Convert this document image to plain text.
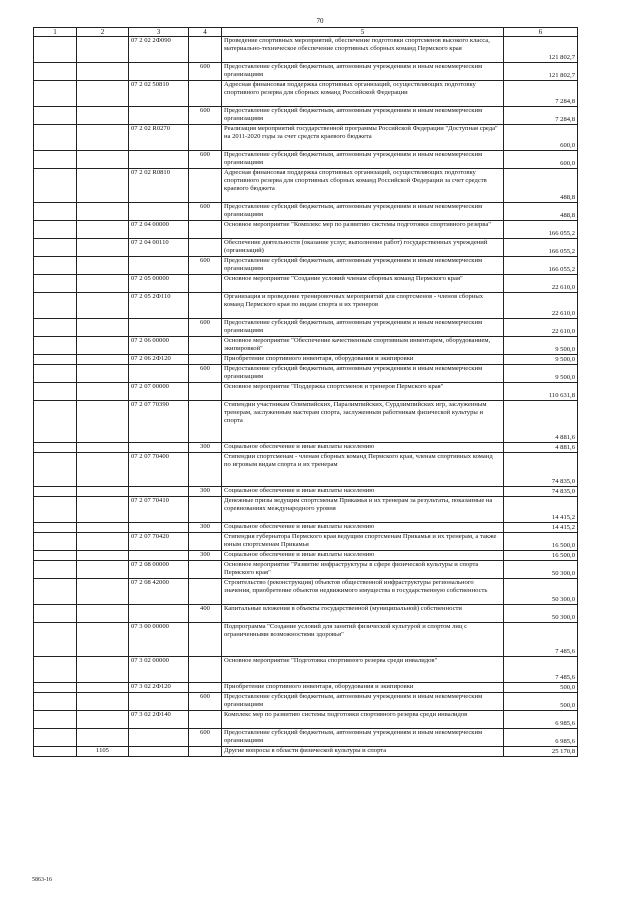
70
1	2	3	4	5	6
		07 2 02 2Ф090		Проведение спортивных мероприятий, обеспечение подготовки спортсменов высокого класса, материально-техническое обеспечение спортивных сборных команд Пермского края	121 802,7
			600	Предоставление субсидий бюджетным, автономным учреждениям и иным некоммерческим организациям	121 802,7
		07 2 02 50810		Адресная финансовая поддержка спортивных организаций, осуществляющих подготовку спортивного резерва для сборных команд Российской Федерации	7 284,8
			600	Предоставление субсидий бюджетным, автономным учреждениям и иным некоммерческим организациям	7 284,8
		07 2 02 R0270		Реализация мероприятий государственной программы Российской Федерации "Доступная среда" на 2011-2020 годы за счет средств краевого бюджета	600,0
			600	Предоставление субсидий бюджетным, автономным учреждениям и иным некоммерческим организациям	600,0
		07 2 02 R0810		Адресная финансовая поддержка спортивных организаций, осуществляющих подготовку спортивного резерва для спортивных сборных команд Российской Федерации за счет средств краевого бюджета	488,8
			600	Предоставление субсидий бюджетным, автономным учреждениям и иным некоммерческим организациям	488,8
		07 2 04 00000		Основное мероприятие "Комплекс мер по развитию системы подготовки спортивного резерва"	166 055,2
		07 2 04 00110		Обеспечение деятельности (оказание услуг, выполнение работ) государственных учреждений (организаций)	166 055,2
			600	Предоставление субсидий бюджетным, автономным учреждениям и иным некоммерческим организациям	166 055,2
		07 2 05 00000		Основное мероприятие "Создание условий членам сборных команд Пермского края"	22 610,0
		07 2 05 2Ф110		Организация и проведение тренировочных мероприятий для спортсменов - членов сборных команд Пермского края по видам спорта и их тренеров	22 610,0
			600	Предоставление субсидий бюджетным, автономным учреждениям и иным некоммерческим организациям	22 610,0
		07 2 06 00000		Основное мероприятие "Обеспечение качественным спортивным инвентарем, оборудованием, экипировкой"	9 500,0
		07 2 06 2Ф120		Приобретение спортивного инвентаря, оборудования и экипировки	9 500,0
			600	Предоставление субсидий бюджетным, автономным учреждениям и иным некоммерческим организациям	9 500,0
		07 2 07 00000		Основное мероприятие "Поддержка спортсменов и тренеров Пермского края"	110 631,8
		07 2 07 70390		Стипендии участникам Олимпийских, Паралимпийских, Сурдлимпийских игр, заслуженным тренерам, заслуженным мастерам спорта, заслуженным работникам физической культуры и спорта	4 881,6
			300	Социальное обеспечение и иные выплаты населению	4 881,6
		07 2 07 70400		Стипендии спортсменам - членам сборных команд Пермского края, членам спортивных команд по игровым видам спорта и их тренерам	74 835,0
			300	Социальное обеспечение и иные выплаты населению	74 835,0
		07 2 07 70410		Денежные призы ведущим спортсменам Прикамья и их тренерам за результаты, показанные на соревнованиях международного уровня	14 415,2
			300	Социальное обеспечение и иные выплаты населению	14 415,2
		07 2 07 70420		Стипендия губернатора Пермского края ведущим спортсменам Прикамья и их тренерам, а также юным спортсменам Прикамья	16 500,0
			300	Социальное обеспечение и иные выплаты населению	16 500,0
		07 2 08 00000		Основное мероприятие "Развитие инфраструктуры в сфере физической культуры и спорта Пермского края"	50 300,0
		07 2 08 42000		Строительство (реконструкция) объектов общественной инфраструктуры регионального значения, приобретение объектов недвижимого имущества в государственную собственность	50 300,0
			400	Капитальные вложения в объекты государственной (муниципальной) собственности	50 300,0
		07 3 00 00000		Подпрограмма "Создание условий для занятий физической культурой и спортом лиц с ограниченными возможностями здоровья"	7 485,6
		07 3 02 00000		Основное мероприятие "Подготовка спортивного резерва среди инвалидов"	7 485,6
		07 3 02 2Ф120		Приобретение спортивного инвентаря, оборудования и экипировки	500,0
			600	Предоставление субсидий бюджетным, автономным учреждениям и иным некоммерческим организациям	500,0
		07 3 02 2Ф140		Комплекс мер по развитию системы подготовки спортивного резерва среди инвалидов	6 985,6
			600	Предоставление субсидий бюджетным, автономным учреждениям и иным некоммерческим организациям	6 985,6
	1105			Другие вопросы в области физической культуры и спорта	25 170,8
5863-16
